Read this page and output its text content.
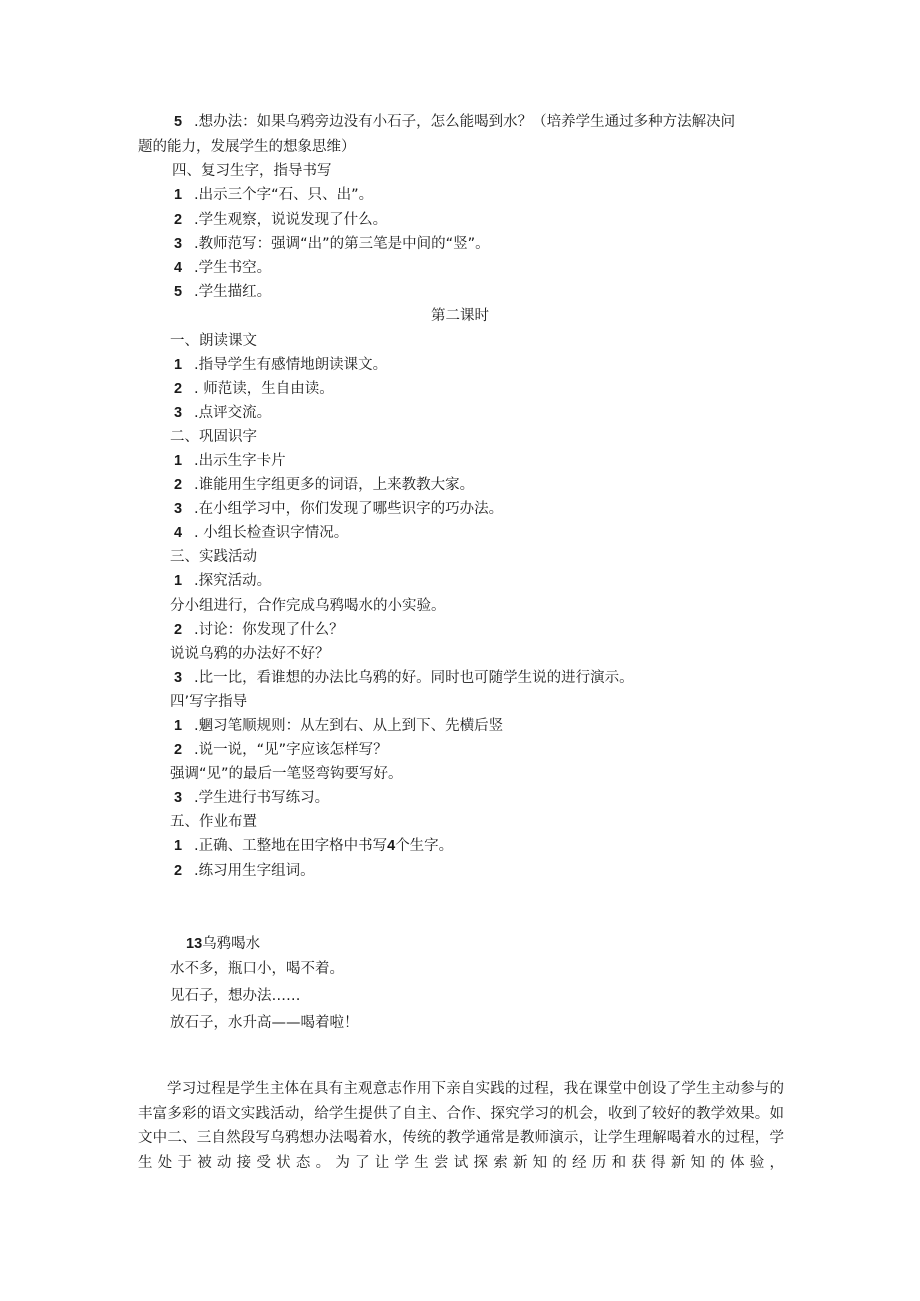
5 .想办法：如果乌鸦旁边没有小石子，怎么能喝到水？（培养学生通过多种方法解决问
题的能力，发展学生的想象思维）
四、复习生字，指导书写
1 .出示三个字“石、只、出”。
2 .学生观察，说说发现了什么。
3 .教师范写：强调“出”的第三笔是中间的“竖”。
4 .学生书空。
5 .学生描红。
第二课时
一、朗读课文
1 .指导学生有感情地朗读课文。
2 . 师范读，生自由读。
3 .点评交流。
二、巩固识字
1 .出示生字卡片
2 .谁能用生字组更多的词语，上来教教大家。
3 .在小组学习中，你们发现了哪些识字的巧办法。
4 . 小组长检查识字情况。
三、实践活动
1 .探究活动。
分小组进行，合作完成乌鸦喝水的小实验。
2 .讨论：你发现了什么？
说说乌鸦的办法好不好？
3 .比一比，看谁想的办法比乌鸦的好。同时也可随学生说的进行演示。
四’写字指导
1 .魍习笔顺规则：从左到右、从上到下、先横后竖
2 .说一说，“见”字应该怎样写？
强调“见”的最后一笔竖弯钩要写好。
3 .学生进行书写练习。
五、作业布置
1 .正确、工整地在田字格中书写4个生字。
2 .练习用生字组词。
13乌鸦喝水
水不多，瓶口小，喝不着。
见石子，想办法……
放石子，水升高——喝着啦！
学习过程是学生主体在具有主观意志作用下亲自实践的过程，我在课堂中创设了学生主动参与的丰富多彩的语文实践活动，给学生提供了自主、合作、探究学习的机会，收到了较好的教学效果。如文中二、三自然段写乌鸦想办法喝着水，传统的教学通常是教师演示，让学生理解喝着水的过程，学生处于被动接受状态。为了让学生尝试探索新知的经历和获得新知的体验，
